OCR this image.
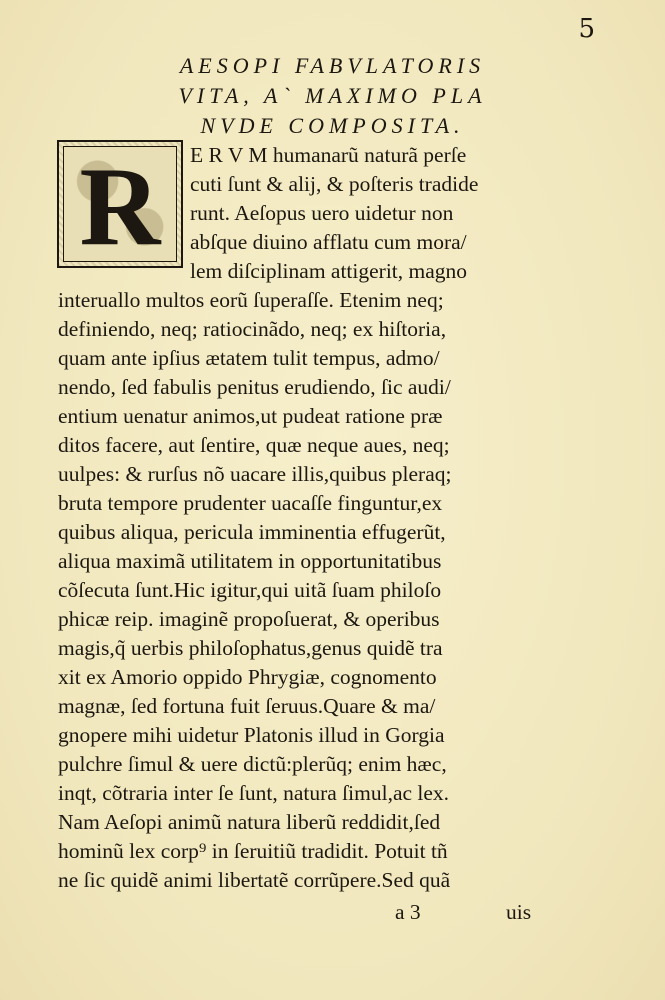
5
AESOPI FABVLATORIS
VITA, A` MAXIMO PLA
NVDE COMPOSITA.
R	E R V M humanarũ naturã perſe
cuti ſunt & alij, & poſteris tradide
runt. Aeſopus uero uidetur non
abſque diuino afflatu cum mora/
lem diſciplinam attigerit, magno
interuallo multos eorũ ſuperaſſe. Etenim neq;
definiendo, neq; ratiocinãdo, neq; ex hiſtoria,
quam ante ipſius ætatem tulit tempus, admo/
nendo, ſed fabulis penitus erudiendo, ſic audi/
entium uenatur animos,ut pudeat ratione præ
ditos facere, aut ſentire, quæ neque aues, neq;
uulpes: & rurſus nõ uacare illis,quibus pleraq;
bruta tempore prudenter uacaſſe finguntur,ex
quibus aliqua, pericula imminentia effugerũt,
aliqua maximã utilitatem in opportunitatibus
cõſecuta ſunt.Hic igitur,qui uitã ſuam philoſo
phicæ reip. imaginẽ propoſuerat, & operibus
magis,q̃ uerbis philoſophatus,genus quidẽ tra
xit ex Amorio oppido Phrygiæ, cognomento
magnæ, ſed fortuna fuit ſeruus.Quare & ma/
gnopere mihi uidetur Platonis illud in Gorgia
pulchre ſimul & uere dictũ:plerũq; enim hæc,
inqt, cõtraria inter ſe ſunt, natura ſimul,ac lex.
Nam Aeſopi animũ natura liberũ reddidit,ſed
hominũ lex corp⁹ in ſeruitiũ tradidit. Potuit tñ
ne ſic quidẽ animi libertatẽ corrũpere.Sed quã
a 3	uis
